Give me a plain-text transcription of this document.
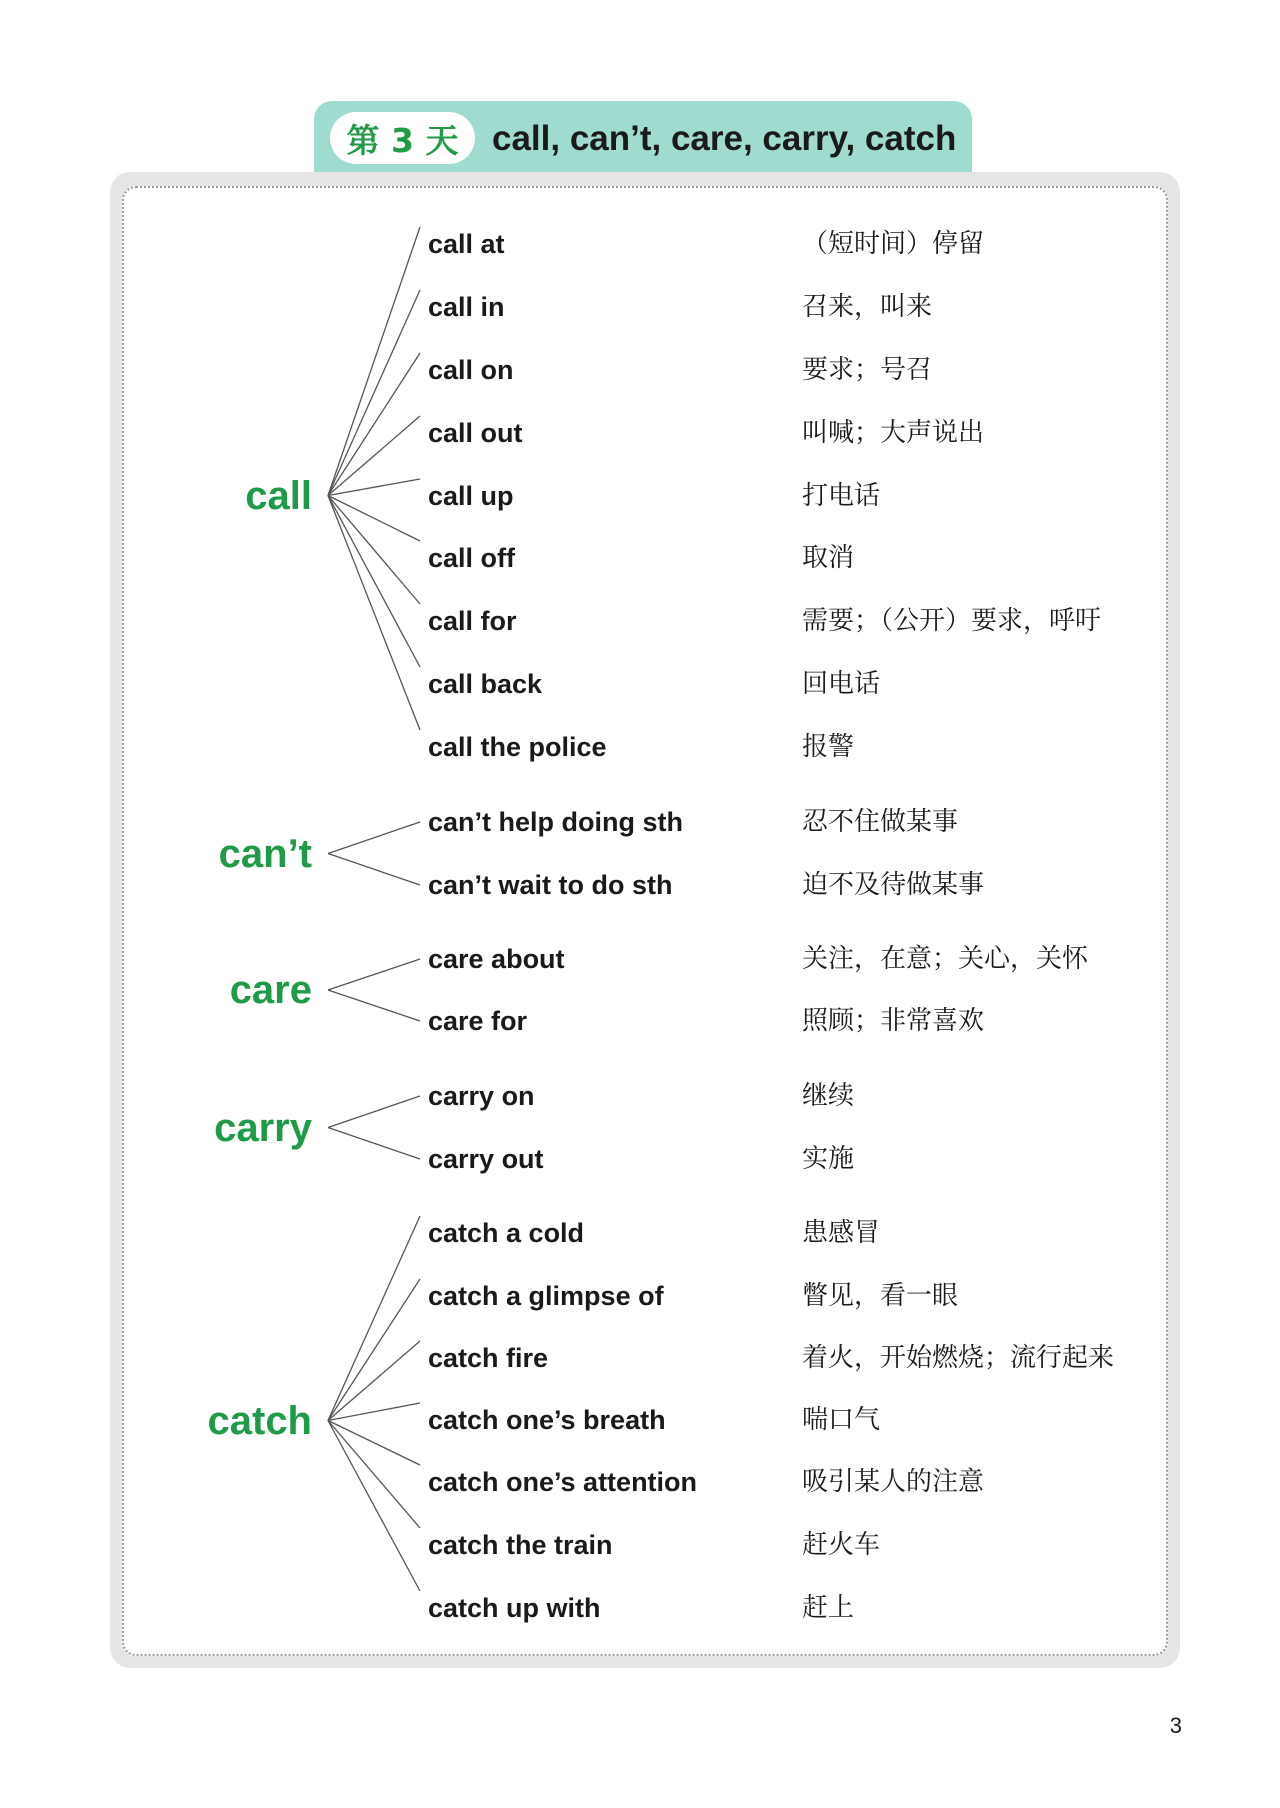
第 3 天 call, can’t, care, carry, catch
call
call at	（短时间）停留
call in	召来，叫来
call on	要求；号召
call out	叫喊；大声说出
call up	打电话
call off	取消
call for	需要；（公开）要求，呼吁
call back	回电话
call the police	报警
can’t
can’t help doing sth	忍不住做某事
can’t wait to do sth	迫不及待做某事
care
care about	关注，在意；关心，关怀
care for	照顾；非常喜欢
carry
carry on	继续
carry out	实施
catch
catch a cold	患感冒
catch a glimpse of	瞥见，看一眼
catch fire	着火，开始燃烧；流行起来
catch one’s breath	喘口气
catch one’s attention	吸引某人的注意
catch the train	赶火车
catch up with	赶上
3
